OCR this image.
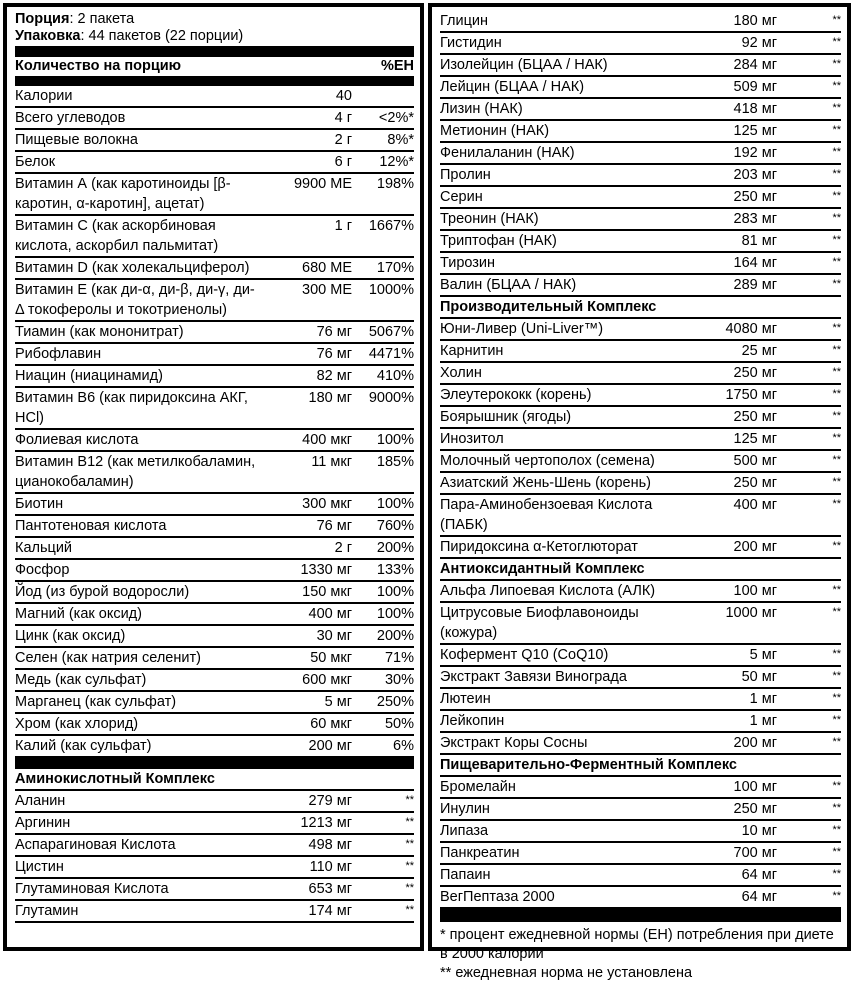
Порция: 2 пакета
Упаковка: 44 пакетов (22 порции)
Количество на порцию	%ЕН
Калории	40
Всего углеводов	4 г	<2%*
Пищевые волокна	2 г	8%*
Белок	6 г	12%*
Витамин А (как каротиноиды [β-каротин, α-каротин], ацетат)
9900 МЕ	198%
Витамин С (как аскорбиновая кислота, аскорбил пальмитат)
1 г	1667%
Витамин D (как холекальциферол)	680 МЕ	170%
Витамин Е (как ди-α, ди-β, ди-γ, ди-Δ токоферолы и токотриенолы)
300 МЕ	1000%
Тиамин (как мононитрат)	76 мг	5067%
Рибофлавин	76 мг	4471%
Ниацин (ниацинамид)	82 мг	410%
Витамин В6 (как пиридоксина АКГ, HCl)
180 мг	9000%
Фолиевая кислота	400 мкг	100%
Витамин В12 (как метилкобаламин, цианокобаламин)
11 мкг	185%
Биотин	300 мкг	100%
Пантотеновая кислота	76 мг	760%
Кальций	2 г	200%
Фосфор	1330 мг	133%
Йод (из бурой водоросли)	150 мкг	100%
Магний (как оксид)	400 мг	100%
Цинк (как оксид)	30 мг	200%
Селен (как натрия селенит)	50 мкг	71%
Медь (как сульфат)	600 мкг	30%
Марганец (как сульфат)	5 мг	250%
Хром (как хлорид)	60 мкг	50%
Калий (как сульфат)	200 мг	6%
Аминокислотный Комплекс
Аланин	279 мг	**
Аргинин	1213 мг	**
Аспарагиновая Кислота	498 мг	**
Цистин	110 мг	**
Глутаминовая Кислота	653 мг	**
Глутамин	174 мг	**
Глицин	180 мг	**
Гистидин	92 мг	**
Изолейцин (БЦАА / НАК)	284 мг	**
Лейцин (БЦАА / НАК)	509 мг	**
Лизин (НАК)	418 мг	**
Метионин (НАК)	125 мг	**
Фенилаланин (НАК)	192 мг	**
Пролин	203 мг	**
Серин	250 мг	**
Треонин (НАК)	283 мг	**
Триптофан (НАК)	81 мг	**
Тирозин	164 мг	**
Валин (БЦАА / НАК)	289 мг	**
Производительный Комплекс
Юни-Ливер (Uni-Liver™)	4080 мг	**
Карнитин	25 мг	**
Холин	250 мг	**
Элеутерококк (корень)	1750 мг	**
Боярышник (ягоды)	250 мг	**
Инозитол	125 мг	**
Молочный чертополох (семена)	500 мг	**
Азиатский Жень-Шень (корень)	250 мг	**
Пара-Аминобензоевая Кислота (ПАБК)
400 мг	**
Пиридоксина α-Кетоглюторат	200 мг	**
Антиоксидантный Комплекс
Альфа Липоевая Кислота (АЛК)	100 мг	**
Цитрусовые Биофлавоноиды (кожура)
1000 мг	**
Кофермент Q10 (CoQ10)	5 мг	**
Экстракт Завязи Винограда	50 мг	**
Лютеин	1 мг	**
Лейкопин	1 мг	**
Экстракт Коры Сосны	200 мг	**
Пищеварительно-Ферментный Комплекс
Бромелайн	100 мг	**
Инулин	250 мг	**
Липаза	10 мг	**
Панкреатин	700 мг	**
Папаин	64 мг	**
ВегПептаза 2000	64 мг	**
* процент ежедневной нормы (ЕН) потребления при диете в 2000 калорий
** ежедневная норма не установлена
